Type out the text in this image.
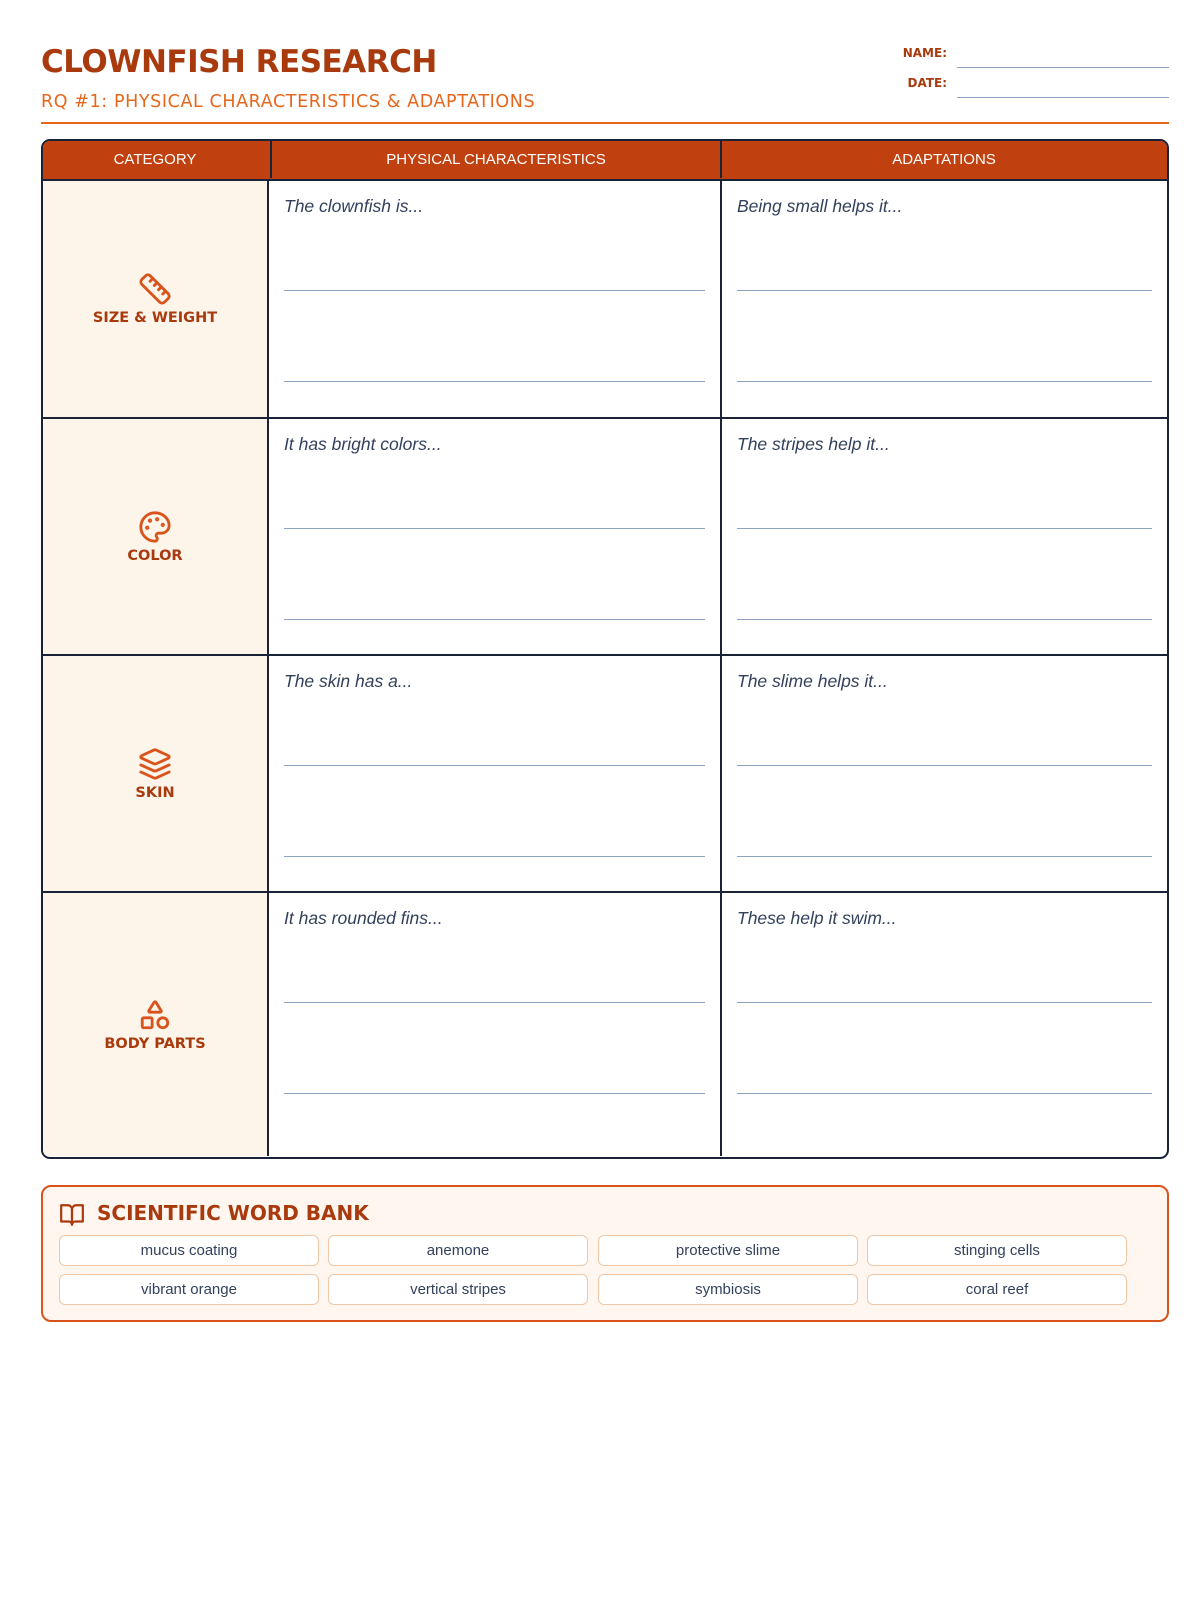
CLOWNFISH RESEARCH
RQ #1: PHYSICAL CHARACTERISTICS & ADAPTATIONS
NAME:
DATE:
CATEGORY	PHYSICAL CHARACTERISTICS	ADAPTATIONS
SIZE & WEIGHT
The clownfish is...	Being small helps it...
COLOR
It has bright colors...	The stripes help it...
SKIN
The skin has a...	The slime helps it...
BODY PARTS
It has rounded fins...	These help it swim...
SCIENTIFIC WORD BANK
mucus coating	anemone	protective slime	stinging cells
vibrant orange	vertical stripes	symbiosis	coral reef
